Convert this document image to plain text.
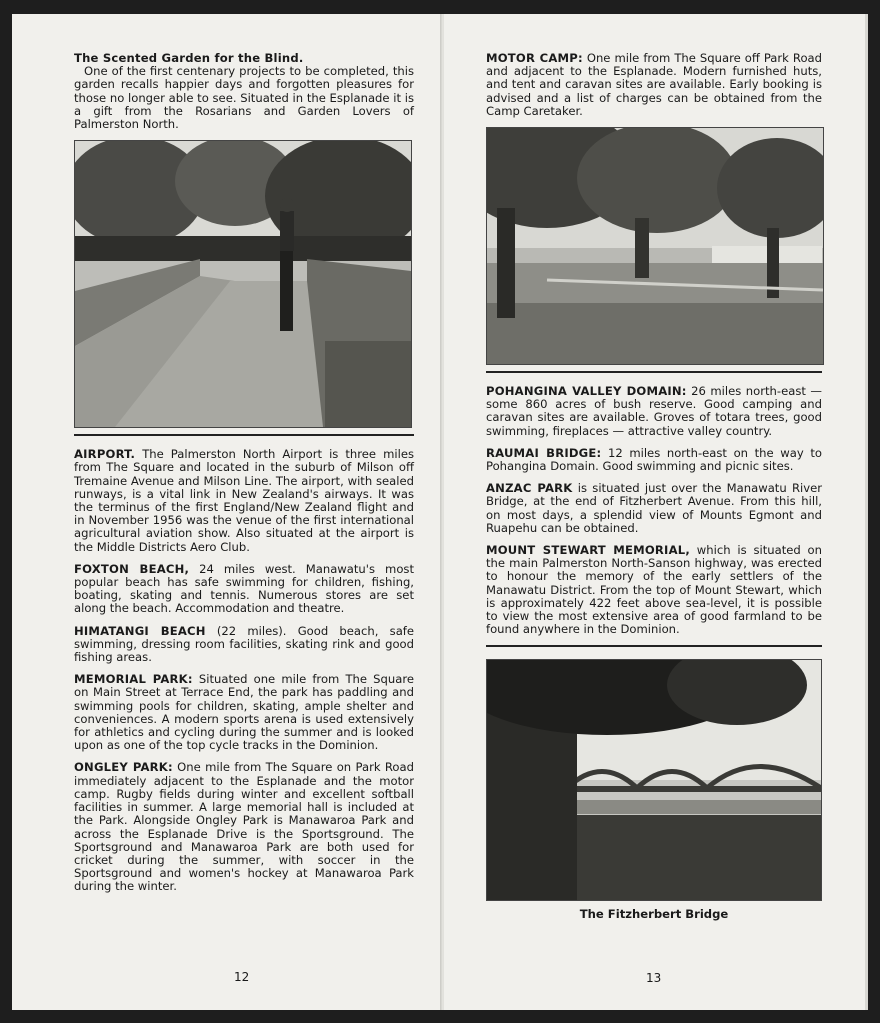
The Scented Garden for the Blind.
One of the first centenary projects to be completed, this garden recalls happier days and forgotten pleasures for those no longer able to see. Situated in the Esplanade it is a gift from the Rosarians and Garden Lovers of Palmerston North.
AIRPORT. The Palmerston North Airport is three miles from The Square and located in the suburb of Milson off Tremaine Avenue and Milson Line. The airport, with sealed runways, is a vital link in New Zealand's airways. It was the terminus of the first England/New Zealand flight and in November 1956 was the venue of the first international agricultural aviation show. Also situated at the airport is the Middle Districts Aero Club.
FOXTON BEACH, 24 miles west. Manawatu's most popular beach has safe swimming for children, fishing, boating, skating and tennis. Numerous stores are set along the beach. Accommodation and theatre.
HIMATANGI BEACH (22 miles). Good beach, safe swimming, dressing room facilities, skating rink and good fishing areas.
MEMORIAL PARK: Situated one mile from The Square on Main Street at Terrace End, the park has paddling and swimming pools for children, skating, ample shelter and conveniences. A modern sports arena is used extensively for athletics and cycling during the summer and is looked upon as one of the top cycle tracks in the Dominion.
ONGLEY PARK: One mile from The Square on Park Road immediately adjacent to the Esplanade and the motor camp. Rugby fields during winter and excellent softball facilities in summer. A large memorial hall is included at the Park. Alongside Ongley Park is Manawaroa Park and across the Esplanade Drive is the Sportsground. The Sportsground and Manawaroa Park are both used for cricket during the summer, with soccer in the Sportsground and women's hockey at Manawaroa Park during the winter.
12
MOTOR CAMP: One mile from The Square off Park Road and adjacent to the Esplanade. Modern furnished huts, and tent and caravan sites are available. Early booking is advised and a list of charges can be obtained from the Camp Caretaker.
POHANGINA VALLEY DOMAIN: 26 miles north-east — some 860 acres of bush reserve. Good camping and caravan sites are available. Groves of totara trees, good swimming, fireplaces — attractive valley country.
RAUMAI BRIDGE: 12 miles north-east on the way to Pohangina Domain. Good swimming and picnic sites.
ANZAC PARK is situated just over the Manawatu River Bridge, at the end of Fitzherbert Avenue. From this hill, on most days, a splendid view of Mounts Egmont and Ruapehu can be obtained.
MOUNT STEWART MEMORIAL, which is situated on the main Palmerston North-Sanson highway, was erected to honour the memory of the early settlers of the Manawatu District. From the top of Mount Stewart, which is approximately 422 feet above sea-level, it is possible to view the most extensive area of good farmland to be found anywhere in the Dominion.
The Fitzherbert Bridge
13
